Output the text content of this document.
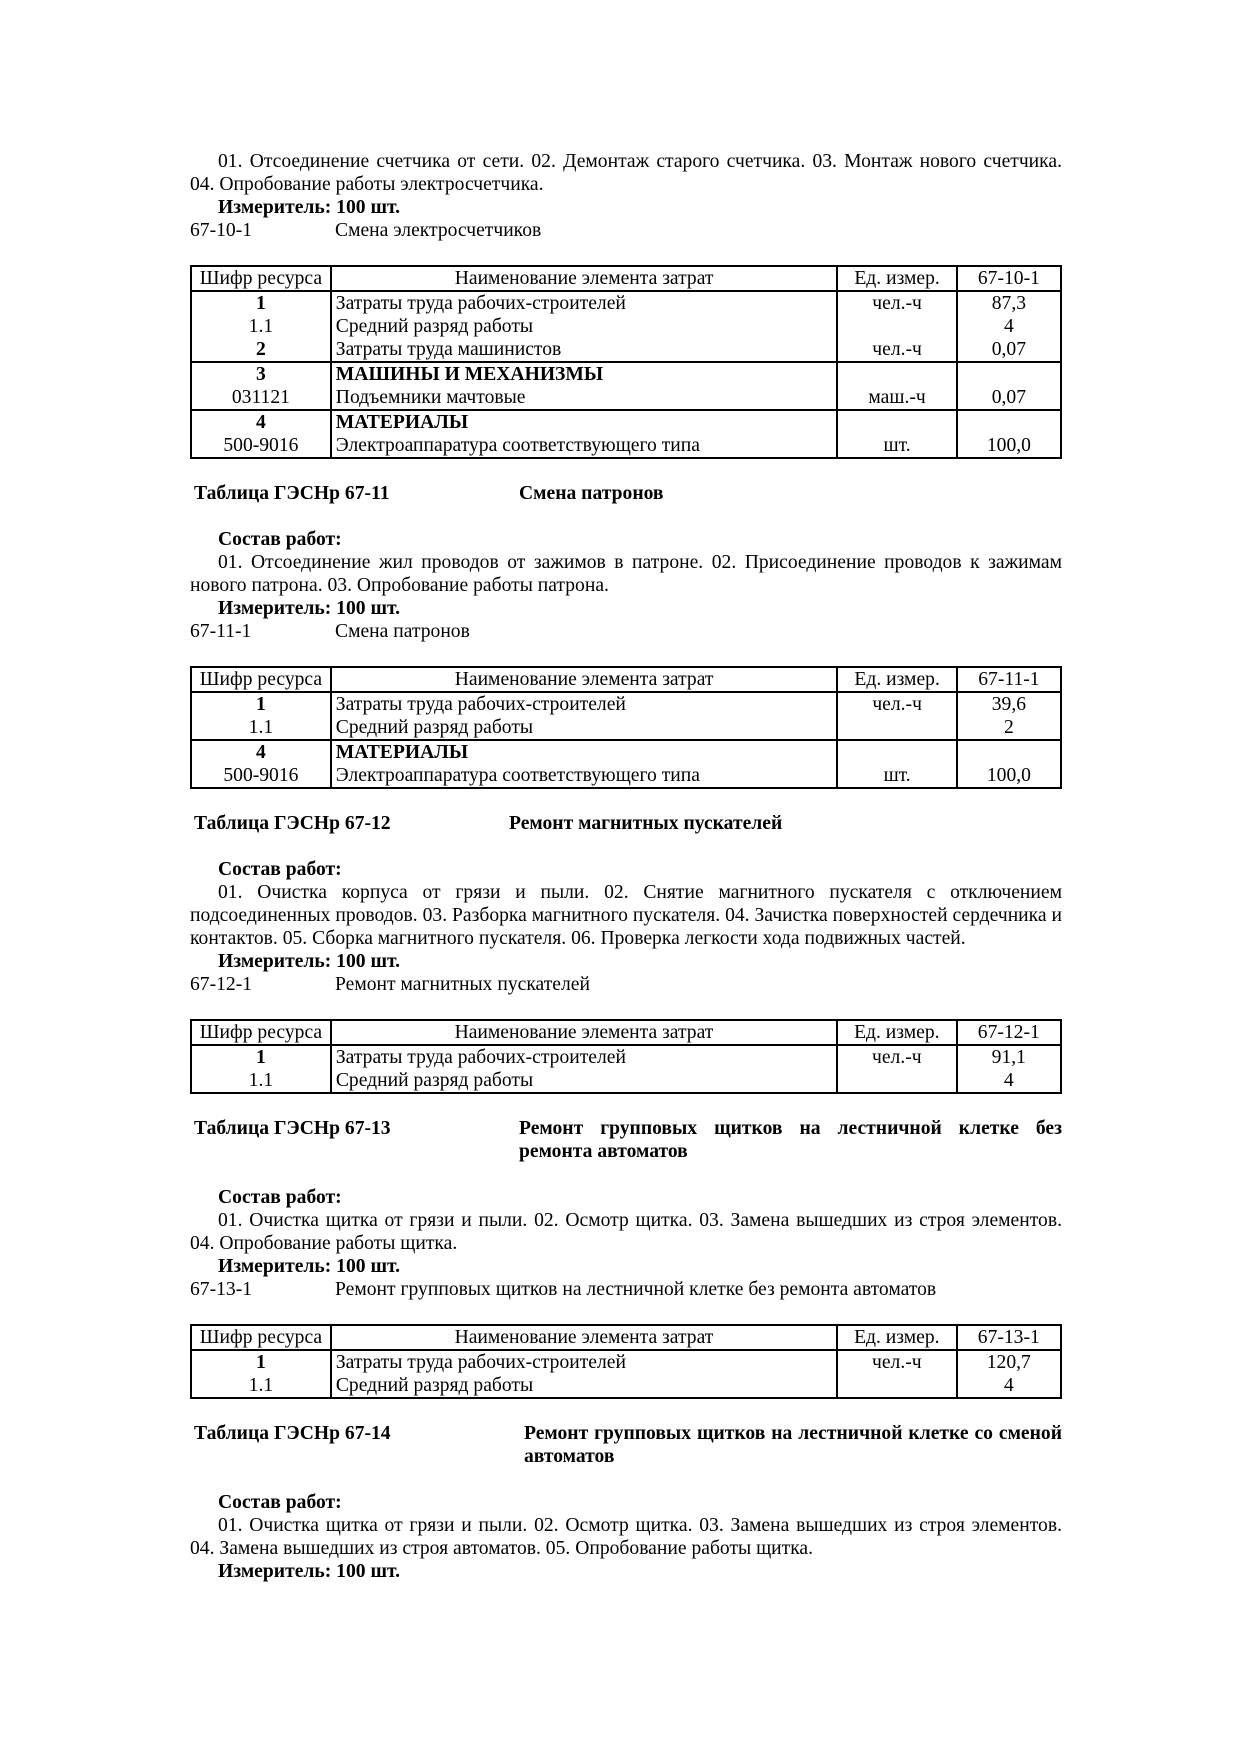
01. Отсоединение счетчика от сети. 02. Демонтаж старого счетчика. 03. Монтаж нового счетчика. 04. Опробование работы электросчетчика.

Измеритель: 100 шт.

67-10-1	Смена электросчетчиков
Шифр ресурса	Наименование элемента затрат	Ед. измер.	67-10-1
1	Затраты труда рабочих-строителей	чел.-ч	87,3
1.1	Средний разряд работы		4
2	Затраты труда машинистов	чел.-ч	0,07
3	МАШИНЫ И МЕХАНИЗМЫ		
031121	Подъемники мачтовые	маш.-ч	0,07
4	МАТЕРИАЛЫ		
500-9016	Электроаппаратура соответствующего типа	шт.	100,0
Таблица ГЭСНр 67-11	Смена патронов

Состав работ:

01. Отсоединение жил проводов от зажимов в патроне. 02. Присоединение проводов к зажимам нового патрона. 03. Опробование работы патрона.

Измеритель: 100 шт.

67-11-1	Смена патронов
Шифр ресурса	Наименование элемента затрат	Ед. измер.	67-11-1
1	Затраты труда рабочих-строителей	чел.-ч	39,6
1.1	Средний разряд работы		2
4	МАТЕРИАЛЫ		
500-9016	Электроаппаратура соответствующего типа	шт.	100,0
Таблица ГЭСНр 67-12	Ремонт магнитных пускателей

Состав работ:

01. Очистка корпуса от грязи и пыли. 02. Снятие магнитного пускателя с отключением подсоединенных проводов. 03. Разборка магнитного пускателя. 04. Зачистка поверхностей сердечника и контактов. 05. Сборка магнитного пускателя. 06. Проверка легкости хода подвижных частей.

Измеритель: 100 шт.

67-12-1	Ремонт магнитных пускателей
Шифр ресурса	Наименование элемента затрат	Ед. измер.	67-12-1
1	Затраты труда рабочих-строителей	чел.-ч	91,1
1.1	Средний разряд работы		4
Таблица ГЭСНр 67-13	Ремонт групповых щитков на лестничной клетке без ремонта автоматов

Состав работ:

01. Очистка щитка от грязи и пыли. 02. Осмотр щитка. 03. Замена вышедших из строя элементов. 04. Опробование работы щитка.

Измеритель: 100 шт.

67-13-1	Ремонт групповых щитков на лестничной клетке без ремонта автоматов
Шифр ресурса	Наименование элемента затрат	Ед. измер.	67-13-1
1	Затраты труда рабочих-строителей	чел.-ч	120,7
1.1	Средний разряд работы		4
Таблица ГЭСНр 67-14	Ремонт групповых щитков на лестничной клетке со сменой автоматов

Состав работ:

01. Очистка щитка от грязи и пыли. 02. Осмотр щитка. 03. Замена вышедших из строя элементов. 04. Замена вышедших из строя автоматов. 05. Опробование работы щитка.

Измеритель: 100 шт.
